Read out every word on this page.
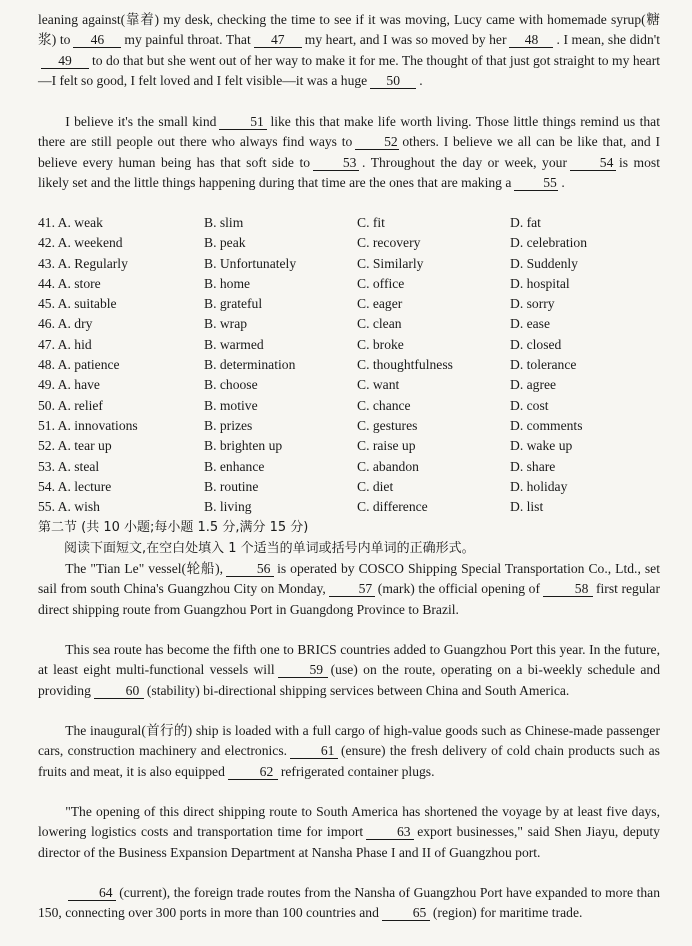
leaning against(靠着) my desk, checking the time to see if it was moving, Lucy came with homemade syrup(糖浆) to 46 my painful throat. That 47 my heart, and I was so moved by her 48 . I mean, she didn't49 to do that but she went out of her way to make it for me. The thought of that just got straight to my heart—I felt so good, I felt loved and I felt visible—it was a huge 50 .

I believe it's the small kind 51 like this that make life worth living. Those little things remind us that there are still people out there who always find ways to 52 others. I believe we all can be like that, and I believe every human being has that soft side to 53 . Throughout the day or week, your 54 is most likely set and the little things happening during that time are the ones that are making a 55 .

41. A. weak	B. slim	C. fit	D. fat
42. A. weekend	B. peak	C. recovery	D. celebration
43. A. Regularly	B. Unfortunately	C. Similarly	D. Suddenly
44. A. store	B. home	C. office	D. hospital
45. A. suitable	B. grateful	C. eager	D. sorry
46. A. dry	B. wrap	C. clean	D. ease
47. A. hid	B. warmed	C. broke	D. closed
48. A. patience	B. determination	C. thoughtfulness	D. tolerance
49. A. have	B. choose	C. want	D. agree
50. A. relief	B. motive	C. chance	D. cost
51. A. innovations	B. prizes	C. gestures	D. comments
52. A. tear up	B. brighten up	C. raise up	D. wake up
53. A. steal	B. enhance	C. abandon	D. share
54. A. lecture	B. routine	C. diet	D. holiday
55. A. wish	B. living	C. difference	D. list

第二节 (共 10 小题;每小题 1.5 分,满分 15 分)

阅读下面短文,在空白处填入 1 个适当的单词或括号内单词的正确形式。

The "Tian Le" vessel(轮船), 56 is operated by COSCO Shipping Special Transportation Co., Ltd., set sail from south China's Guangzhou City on Monday, 57 (mark) the official opening of	58 first regular direct shipping route from Guangzhou Port in Guangdong Province to Brazil.

This sea route has become the fifth one to BRICS countries added to Guangzhou Port this year. In the future, at least eight multi-functional vessels will	59 (use) on the route, operating on a bi-weekly schedule and providing	60 (stability) bi-directional shipping services between China and South America.

The inaugural(首行的) ship is loaded with a full cargo of high-value goods such as Chinese-made passenger cars, construction machinery and electronics. 61 (ensure) the fresh delivery of cold chain products such as fruits and meat, it is also equipped	62 refrigerated container plugs.

"The opening of this direct shipping route to South America has shortened the voyage by at least five days, lowering logistics costs and transportation time for import 63 export businesses," said Shen Jiayu, deputy director of the Business Expansion Department at Nansha Phase I and II of Guangzhou port.

64 (current), the foreign trade routes from the Nansha of Guangzhou Port have expanded to more than 150, connecting over 300 ports in more than 100 countries and 65 (region) for maritime trade.
